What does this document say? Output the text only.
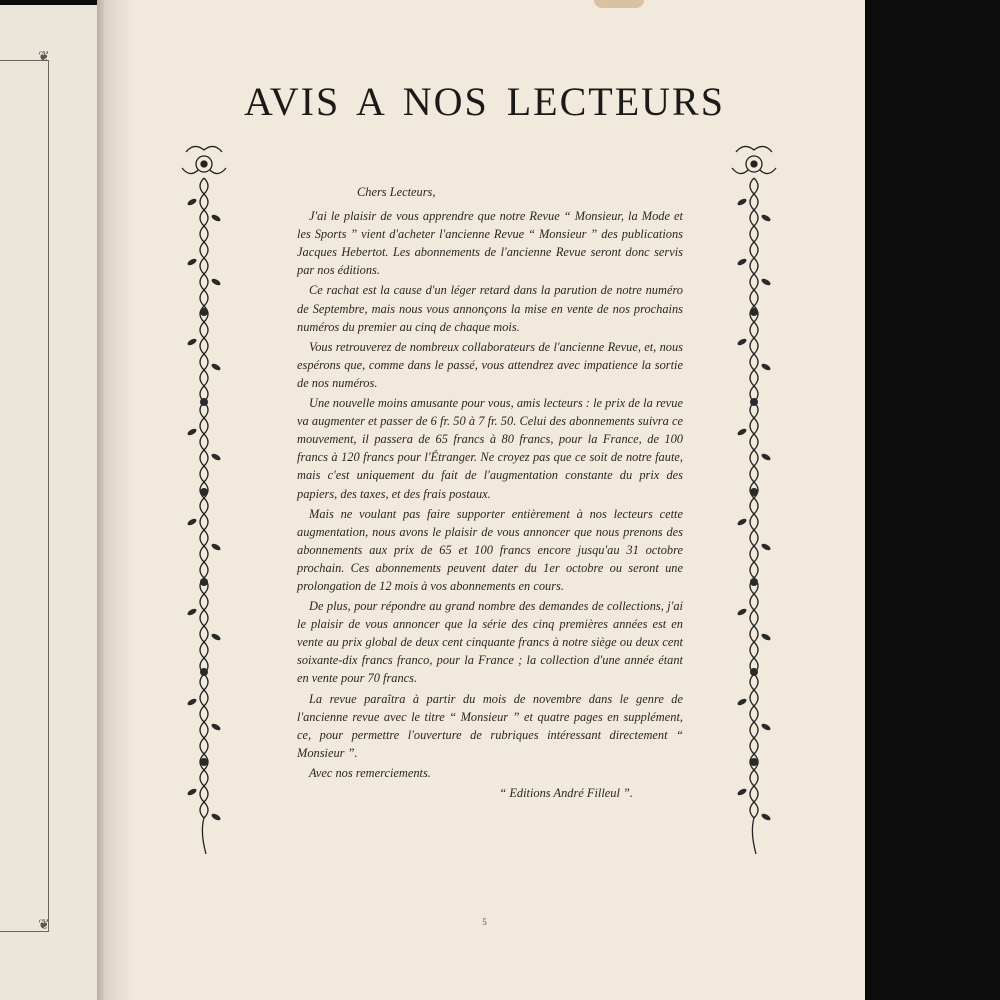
❦
❦
AVIS A NOS LECTEURS

Chers Lecteurs,

J'ai le plaisir de vous apprendre que notre Revue “ Monsieur, la Mode et les Sports ” vient d'acheter l'ancienne Revue “ Monsieur ” des publications Jacques Hebertot. Les abonnements de l'ancienne Revue seront donc servis par nos éditions.

Ce rachat est la cause d'un léger retard dans la parution de notre numéro de Septembre, mais nous vous annonçons la mise en vente de nos prochains numéros du premier au cinq de chaque mois.

Vous retrouverez de nombreux collaborateurs de l'ancienne Revue, et, nous espérons que, comme dans le passé, vous attendrez avec impatience la sortie de nos numéros.

Une nouvelle moins amusante pour vous, amis lecteurs : le prix de la revue va augmenter et passer de 6 fr. 50 à 7 fr. 50. Celui des abonnements suivra ce mouvement, il passera de 65 francs à 80 francs, pour la France, de 100 francs à 120 francs pour l'Étranger. Ne croyez pas que ce soit de notre faute, mais c'est uniquement du fait de l'augmentation constante du prix des papiers, des taxes, et des frais postaux.

Mais ne voulant pas faire supporter entièrement à nos lecteurs cette augmentation, nous avons le plaisir de vous annoncer que nous prenons des abonnements aux prix de 65 et 100 francs encore jusqu'au 31 octobre prochain. Ces abonnements peuvent dater du 1er octobre ou seront une prolongation de 12 mois à vos abonnements en cours.

De plus, pour répondre au grand nombre des demandes de collections, j'ai le plaisir de vous annoncer que la série des cinq premières années est en vente au prix global de deux cent cinquante francs à notre siège ou deux cent soixante-dix francs franco, pour la France ; la collection d'une année étant en vente pour 70 francs.

La revue paraîtra à partir du mois de novembre dans le genre de l'ancienne revue avec le titre “ Monsieur ” et quatre pages en supplément, ce, pour permettre l'ouverture de rubriques intéressant directement “ Monsieur ”.

Avec nos remerciements.

“ Editions André Filleul ”.

5
